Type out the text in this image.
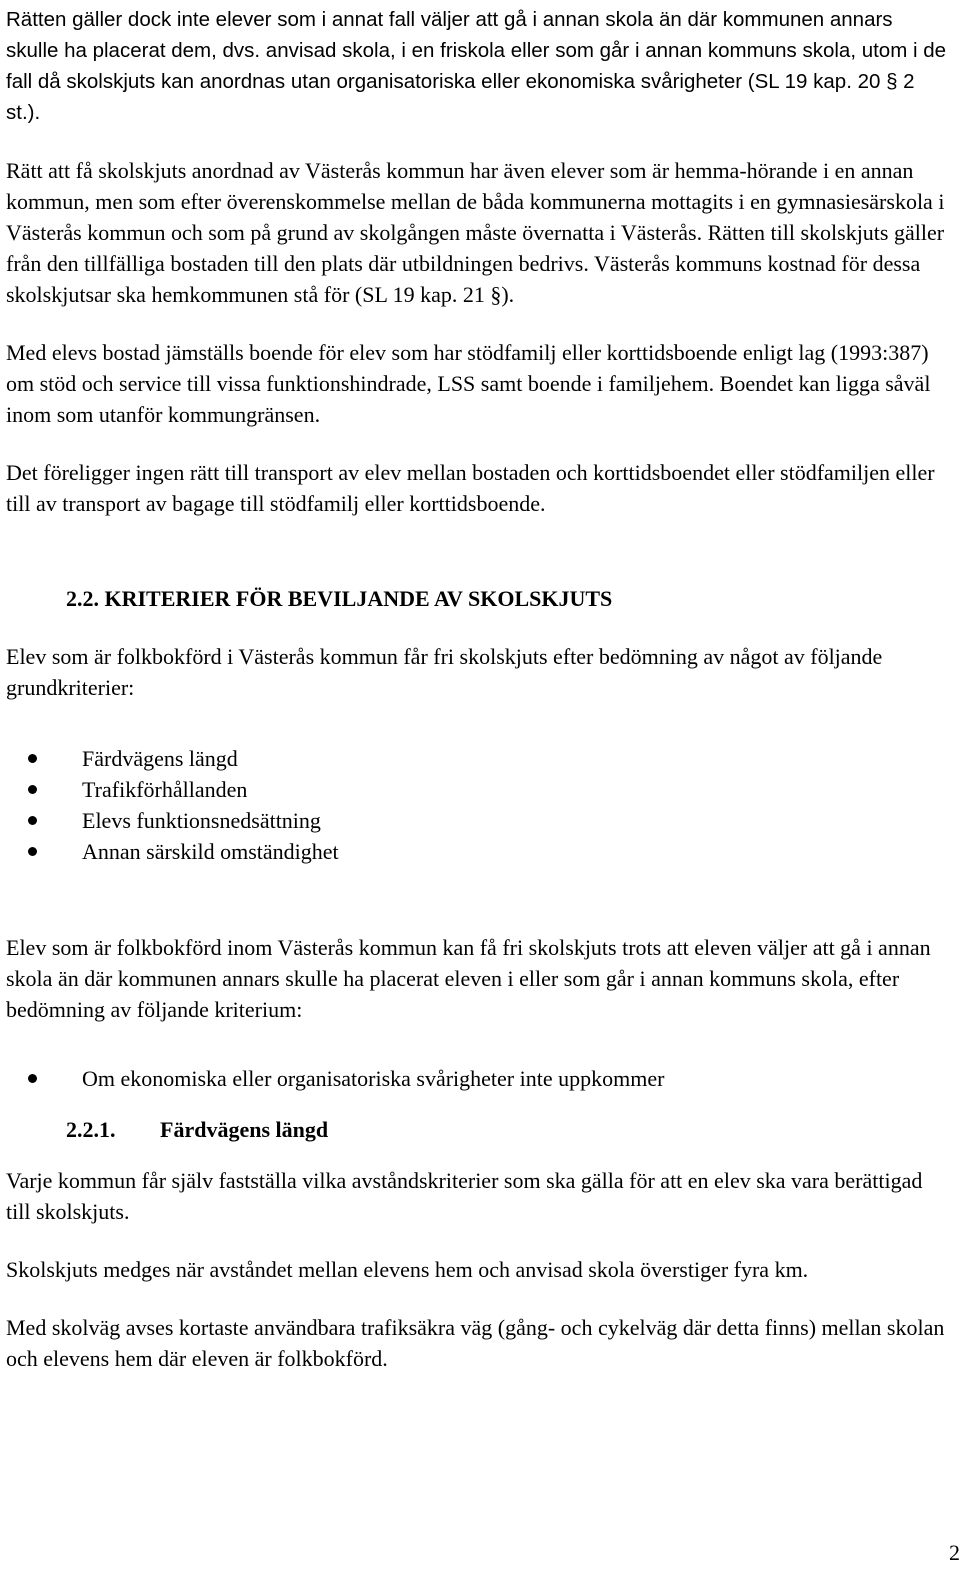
Rätten gäller dock inte elever som i annat fall väljer att gå i annan skola än där kommunen annars skulle ha placerat dem, dvs. anvisad skola, i en friskola eller som går i annan kommuns skola, utom i de fall då skolskjuts kan anordnas utan organisatoriska eller ekonomiska svårigheter (SL 19 kap. 20 § 2 st.).

Rätt att få skolskjuts anordnad av Västerås kommun har även elever som är hemma-hörande i en annan kommun, men som efter överenskommelse mellan de båda kommunerna mottagits i en gymnasiesärskola i Västerås kommun och som på grund av skolgången måste övernatta i Västerås. Rätten till skolskjuts gäller från den tillfälliga bostaden till den plats där utbildningen bedrivs. Västerås kommuns kostnad för dessa skolskjutsar ska hemkommunen stå för (SL 19 kap. 21 §).

Med elevs bostad jämställs boende för elev som har stödfamilj eller korttidsboende enligt lag (1993:387) om stöd och service till vissa funktionshindrade, LSS samt boende i familjehem. Boendet kan ligga såväl inom som utanför kommungränsen.

Det föreligger ingen rätt till transport av elev mellan bostaden och korttidsboendet eller stödfamiljen eller till av transport av bagage till stödfamilj eller korttidsboende.

2.2. KRITERIER FÖR BEVILJANDE AV SKOLSKJUTS

Elev som är folkbokförd i Västerås kommun får fri skolskjuts efter bedömning av något av följande grundkriterier:

Färdvägens längd
Trafikförhållanden
Elevs funktionsnedsättning
Annan särskild omständighet

Elev som är folkbokförd inom Västerås kommun kan få fri skolskjuts trots att eleven väljer att gå i annan skola än där kommunen annars skulle ha placerat eleven i eller som går i annan kommuns skola, efter bedömning av följande kriterium:

Om ekonomiska eller organisatoriska svårigheter inte uppkommer
2.2.1. Färdvägens längd

Varje kommun får själv fastställa vilka avståndskriterier som ska gälla för att en elev ska vara berättigad till skolskjuts.

Skolskjuts medges när avståndet mellan elevens hem och anvisad skola överstiger fyra km.

Med skolväg avses kortaste användbara trafiksäkra väg (gång- och cykelväg där detta finns) mellan skolan och elevens hem där eleven är folkbokförd.

2
